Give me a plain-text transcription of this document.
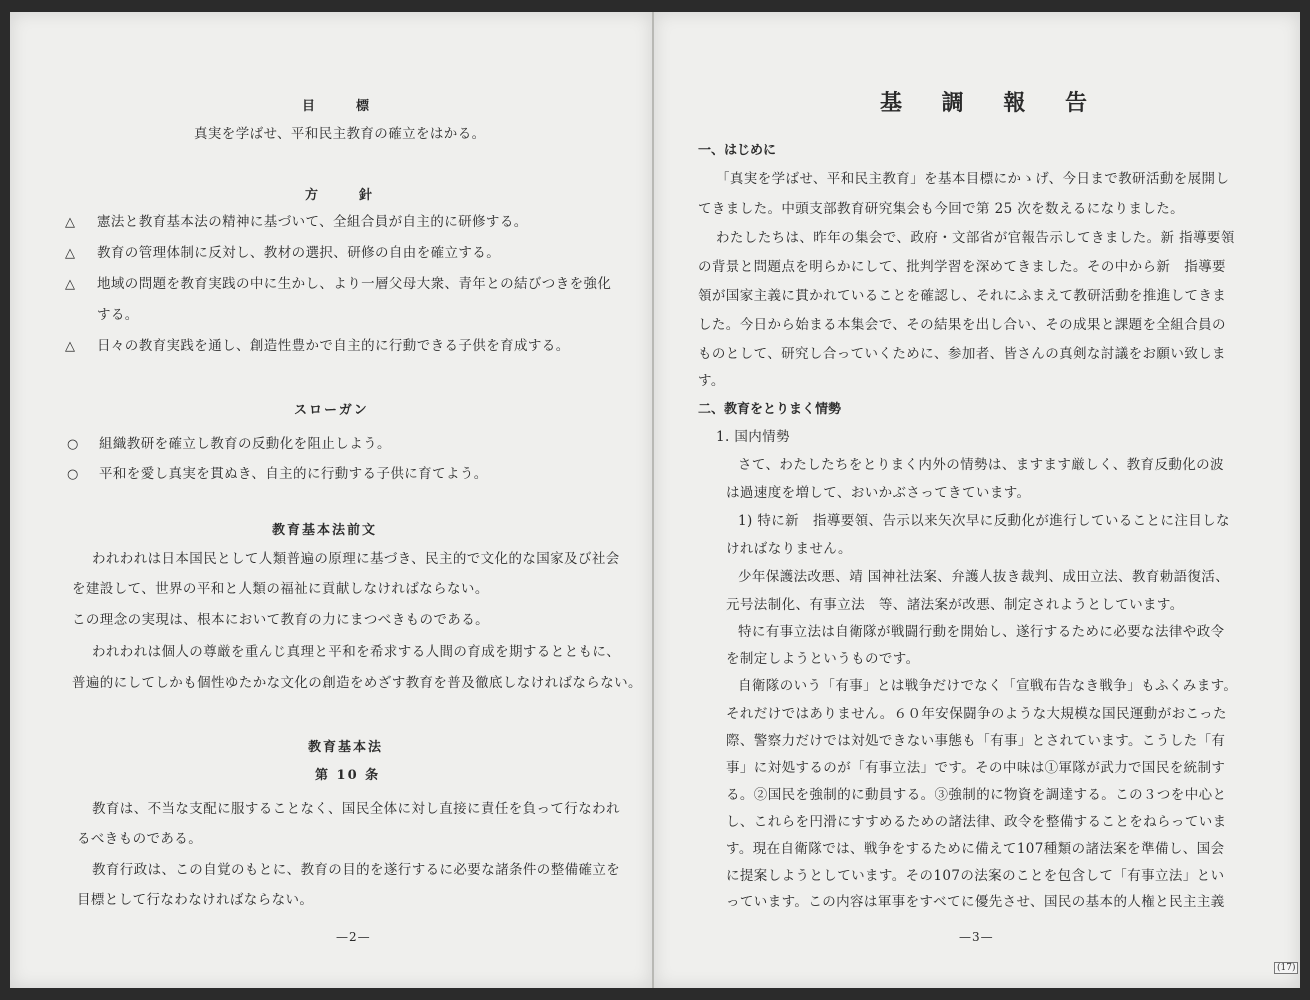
目　標
真実を学ばせ、平和民主教育の確立をはかる。
方　針
△ 憲法と教育基本法の精神に基づいて、全組合員が自主的に研修する。
△ 教育の管理体制に反対し、教材の選択、研修の自由を確立する。
△ 地域の問題を教育実践の中に生かし、より一層父母大衆、青年との結びつきを強化
する。
△ 日々の教育実践を通し、創造性豊かで自主的に行動できる子供を育成する。
スローガン
○ 組織教研を確立し教育の反動化を阻止しよう。
○ 平和を愛し真実を貫ぬき、自主的に行動する子供に育てよう。
教育基本法前文
われわれは日本国民として人類普遍の原理に基づき、民主的で文化的な国家及び社会
を建設して、世界の平和と人類の福祉に貢献しなければならない。
この理念の実現は、根本において教育の力にまつべきものである。
われわれは個人の尊厳を重んじ真理と平和を希求する人間の育成を期するとともに、
普遍的にしてしかも個性ゆたかな文化の創造をめざす教育を普及徹底しなければならない。
教育基本法
第 10 条
教育は、不当な支配に服することなく、国民全体に対し直接に責任を負って行なわれ
るべきものである。
教育行政は、この自覚のもとに、教育の目的を遂行するに必要な諸条件の整備確立を
目標として行なわなければならない。
—2—
基 調 報 告
一、はじめに
「真実を学ばせ、平和民主教育」を基本目標にかゝげ、今日まで教研活動を展開し
てきました。中頭支部教育研究集会も今回で第 25 次を数えるになりました。
わたしたちは、昨年の集会で、政府・文部省が官報告示してきました。新 指導要領
の背景と問題点を明らかにして、批判学習を深めてきました。その中から新　指導要
領が国家主義に貫かれていることを確認し、それにふまえて教研活動を推進してきま
した。今日から始まる本集会で、その結果を出し合い、その成果と課題を全組合員の
ものとして、研究し合っていくために、参加者、皆さんの真剣な討議をお願い致しま
す。
二、教育をとりまく情勢
1. 国内情勢
さて、わたしたちをとりまく内外の情勢は、ますます厳しく、教育反動化の波
は過速度を増して、おいかぶさってきています。
1) 特に新　指導要領、告示以来矢次早に反動化が進行していることに注目しな
ければなりません。
少年保護法改悪、靖 国神社法案、弁護人抜き裁判、成田立法、教育勅語復活、
元号法制化、有事立法　等、諸法案が改悪、制定されようとしています。
特に有事立法は自衛隊が戦闘行動を開始し、遂行するために必要な法律や政令
を制定しようというものです。
自衛隊のいう「有事」とは戦争だけでなく「宣戦布告なき戦争」もふくみます。
それだけではありません。６０年安保闘争のような大規模な国民運動がおこった
際、警察力だけでは対処できない事態も「有事」とされています。こうした「有
事」に対処するのが「有事立法」です。その中味は①軍隊が武力で国民を統制す
る。②国民を強制的に動員する。③強制的に物資を調達する。この３つを中心と
し、これらを円滑にすすめるための諸法律、政令を整備することをねらっていま
す。現在自衛隊では、戦争をするために備えて107種類の諸法案を準備し、国会
に提案しようとしています。その107の法案のことを包含して「有事立法」とい
っています。この内容は軍事をすべてに優先させ、国民の基本的人権と民主主義
—3—
(17)
